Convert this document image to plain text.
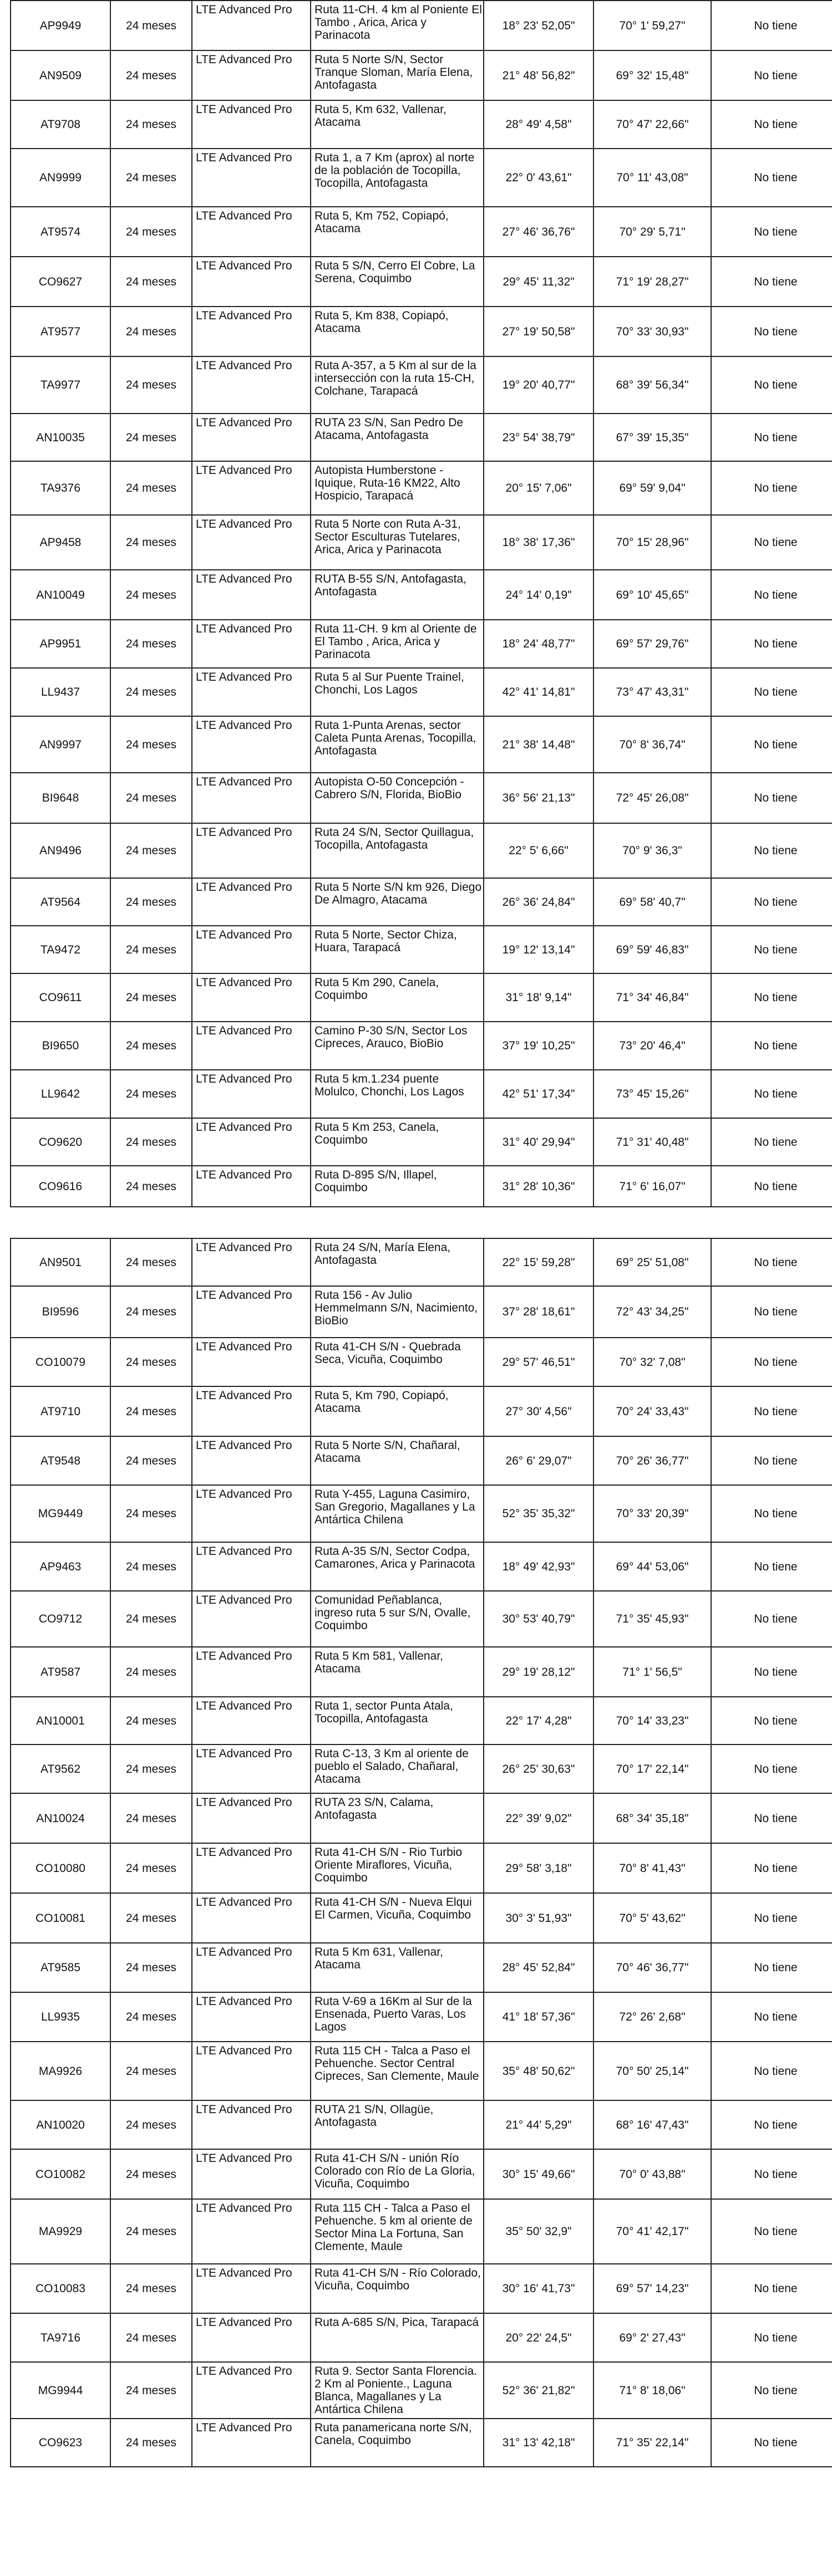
AP9949	24 meses	LTE Advanced Pro	Ruta 11-CH. 4 km al Poniente El Tambo , Arica, Arica y Parinacota	18° 23' 52,05"	70° 1' 59,27"	No tiene
AN9509	24 meses	LTE Advanced Pro	Ruta 5 Norte S/N, Sector Tranque Sloman, María Elena, Antofagasta	21° 48' 56,82"	69° 32' 15,48"	No tiene
AT9708	24 meses	LTE Advanced Pro	Ruta 5, Km 632, Vallenar, Atacama	28° 49' 4,58"	70° 47' 22,66"	No tiene
AN9999	24 meses	LTE Advanced Pro	Ruta 1, a 7 Km (aprox) al norte de la población de Tocopilla, Tocopilla, Antofagasta	22° 0' 43,61"	70° 11' 43,08"	No tiene
AT9574	24 meses	LTE Advanced Pro	Ruta 5, Km 752, Copiapó, Atacama	27° 46' 36,76"	70° 29' 5,71"	No tiene
CO9627	24 meses	LTE Advanced Pro	Ruta 5 S/N, Cerro El Cobre, La Serena, Coquimbo	29° 45' 11,32"	71° 19' 28,27"	No tiene
AT9577	24 meses	LTE Advanced Pro	Ruta 5, Km 838, Copiapó, Atacama	27° 19' 50,58"	70° 33' 30,93"	No tiene
TA9977	24 meses	LTE Advanced Pro	Ruta A-357, a 5 Km al sur de la intersección con la ruta 15-CH, Colchane, Tarapacá	19° 20' 40,77"	68° 39' 56,34"	No tiene
AN10035	24 meses	LTE Advanced Pro	RUTA 23 S/N, San Pedro De Atacama, Antofagasta	23° 54' 38,79"	67° 39' 15,35"	No tiene
TA9376	24 meses	LTE Advanced Pro	Autopista Humberstone - Iquique, Ruta-16 KM22, Alto Hospicio, Tarapacá	20° 15' 7,06"	69° 59' 9,04"	No tiene
AP9458	24 meses	LTE Advanced Pro	Ruta 5 Norte con Ruta A-31, Sector Esculturas Tutelares, Arica, Arica y Parinacota	18° 38' 17,36"	70° 15' 28,96"	No tiene
AN10049	24 meses	LTE Advanced Pro	RUTA B-55 S/N, Antofagasta, Antofagasta	24° 14' 0,19"	69° 10' 45,65"	No tiene
AP9951	24 meses	LTE Advanced Pro	Ruta 11-CH. 9 km al Oriente de El Tambo , Arica, Arica y Parinacota	18° 24' 48,77"	69° 57' 29,76"	No tiene
LL9437	24 meses	LTE Advanced Pro	Ruta 5 al Sur Puente Trainel, Chonchi, Los Lagos	42° 41' 14,81"	73° 47' 43,31"	No tiene
AN9997	24 meses	LTE Advanced Pro	Ruta 1-Punta Arenas, sector Caleta Punta Arenas, Tocopilla, Antofagasta	21° 38' 14,48"	70° 8' 36,74"	No tiene
BI9648	24 meses	LTE Advanced Pro	Autopista O-50 Concepción - Cabrero S/N, Florida, BioBio	36° 56' 21,13"	72° 45' 26,08"	No tiene
AN9496	24 meses	LTE Advanced Pro	Ruta 24 S/N, Sector Quillagua, Tocopilla, Antofagasta	22° 5' 6,66"	70° 9' 36,3"	No tiene
AT9564	24 meses	LTE Advanced Pro	Ruta 5 Norte S/N km 926, Diego De Almagro, Atacama	26° 36' 24,84"	69° 58' 40,7"	No tiene
TA9472	24 meses	LTE Advanced Pro	Ruta 5 Norte, Sector Chiza, Huara, Tarapacá	19° 12' 13,14"	69° 59' 46,83"	No tiene
CO9611	24 meses	LTE Advanced Pro	Ruta 5 Km 290, Canela, Coquimbo	31° 18' 9,14"	71° 34' 46,84"	No tiene
BI9650	24 meses	LTE Advanced Pro	Camino P-30 S/N, Sector Los Cipreces, Arauco, BioBio	37° 19' 10,25"	73° 20' 46,4"	No tiene
LL9642	24 meses	LTE Advanced Pro	Ruta 5 km.1.234 puente Molulco, Chonchi, Los Lagos	42° 51' 17,34"	73° 45' 15,26"	No tiene
CO9620	24 meses	LTE Advanced Pro	Ruta 5 Km 253, Canela, Coquimbo	31° 40' 29,94"	71° 31' 40,48"	No tiene
CO9616	24 meses	LTE Advanced Pro	Ruta D-895 S/N, Illapel, Coquimbo	31° 28' 10,36"	71° 6' 16,07"	No tiene
AN9501	24 meses	LTE Advanced Pro	Ruta 24 S/N, María Elena, Antofagasta	22° 15' 59,28"	69° 25' 51,08"	No tiene
BI9596	24 meses	LTE Advanced Pro	Ruta 156 - Av Julio Hemmelmann S/N, Nacimiento, BioBio	37° 28' 18,61"	72° 43' 34,25"	No tiene
CO10079	24 meses	LTE Advanced Pro	Ruta 41-CH S/N - Quebrada Seca, Vicuña, Coquimbo	29° 57' 46,51"	70° 32' 7,08"	No tiene
AT9710	24 meses	LTE Advanced Pro	Ruta 5, Km 790, Copiapó, Atacama	27° 30' 4,56"	70° 24' 33,43"	No tiene
AT9548	24 meses	LTE Advanced Pro	Ruta 5 Norte S/N, Chañaral, Atacama	26° 6' 29,07"	70° 26' 36,77"	No tiene
MG9449	24 meses	LTE Advanced Pro	Ruta Y-455, Laguna Casimiro, San Gregorio, Magallanes y La Antártica Chilena	52° 35' 35,32"	70° 33' 20,39"	No tiene
AP9463	24 meses	LTE Advanced Pro	Ruta A-35 S/N, Sector Codpa, Camarones, Arica y Parinacota	18° 49' 42,93"	69° 44' 53,06"	No tiene
CO9712	24 meses	LTE Advanced Pro	Comunidad Peñablanca, ingreso ruta 5 sur S/N, Ovalle, Coquimbo	30° 53' 40,79"	71° 35' 45,93"	No tiene
AT9587	24 meses	LTE Advanced Pro	Ruta 5 Km 581, Vallenar, Atacama	29° 19' 28,12"	71° 1' 56,5"	No tiene
AN10001	24 meses	LTE Advanced Pro	Ruta 1, sector Punta Atala, Tocopilla, Antofagasta	22° 17' 4,28"	70° 14' 33,23"	No tiene
AT9562	24 meses	LTE Advanced Pro	Ruta C-13, 3 Km al oriente de pueblo el Salado, Chañaral, Atacama	26° 25' 30,63"	70° 17' 22,14"	No tiene
AN10024	24 meses	LTE Advanced Pro	RUTA 23 S/N, Calama, Antofagasta	22° 39' 9,02"	68° 34' 35,18"	No tiene
CO10080	24 meses	LTE Advanced Pro	Ruta 41-CH S/N - Rio Turbio Oriente Miraflores, Vicuña, Coquimbo	29° 58' 3,18"	70° 8' 41,43"	No tiene
CO10081	24 meses	LTE Advanced Pro	Ruta 41-CH S/N - Nueva Elqui El Carmen, Vicuña, Coquimbo	30° 3' 51,93"	70° 5' 43,62"	No tiene
AT9585	24 meses	LTE Advanced Pro	Ruta 5 Km 631, Vallenar, Atacama	28° 45' 52,84"	70° 46' 36,77"	No tiene
LL9935	24 meses	LTE Advanced Pro	Ruta V-69 a 16Km al Sur de la Ensenada, Puerto Varas, Los Lagos	41° 18' 57,36"	72° 26' 2,68"	No tiene
MA9926	24 meses	LTE Advanced Pro	Ruta 115 CH - Talca a Paso el Pehuenche. Sector Central Cipreces, San Clemente, Maule	35° 48' 50,62"	70° 50' 25,14"	No tiene
AN10020	24 meses	LTE Advanced Pro	RUTA 21 S/N, Ollagüe, Antofagasta	21° 44' 5,29"	68° 16' 47,43"	No tiene
CO10082	24 meses	LTE Advanced Pro	Ruta 41-CH S/N - unión Río Colorado con Río de La Gloria, Vicuña, Coquimbo	30° 15' 49,66"	70° 0' 43,88"	No tiene
MA9929	24 meses	LTE Advanced Pro	Ruta 115 CH - Talca a Paso el Pehuenche. 5 km al oriente de Sector Mina La Fortuna, San Clemente, Maule	35° 50' 32,9"	70° 41' 42,17"	No tiene
CO10083	24 meses	LTE Advanced Pro	Ruta 41-CH S/N - Río Colorado, Vicuña, Coquimbo	30° 16' 41,73"	69° 57' 14,23"	No tiene
TA9716	24 meses	LTE Advanced Pro	Ruta A-685 S/N, Pica, Tarapacá	20° 22' 24,5"	69° 2' 27,43"	No tiene
MG9944	24 meses	LTE Advanced Pro	Ruta 9. Sector Santa Florencia. 2 Km al Poniente., Laguna Blanca, Magallanes y La Antártica Chilena	52° 36' 21,82"	71° 8' 18,06"	No tiene
CO9623	24 meses	LTE Advanced Pro	Ruta panamericana norte S/N, Canela, Coquimbo	31° 13' 42,18"	71° 35' 22,14"	No tiene
